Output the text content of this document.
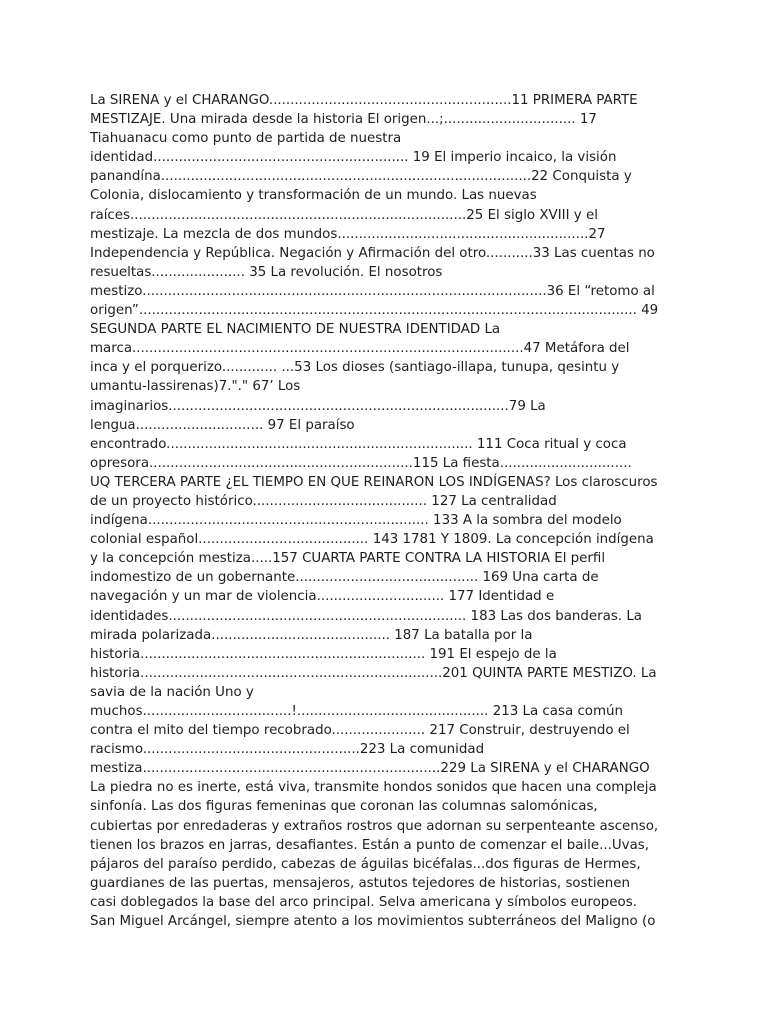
La SIRENA y el CHARANGO.........................................................11 PRIMERA PARTE
MESTIZAJE. Una mirada desde la historia El origen...;............................... 17
Tiahuanacu como punto de partida de nuestra
identidad............................................................ 19 El imperio incaico, la visión
panandína.......................................................................................22 Conquista y
Colonia, dislocamiento y transformación de un mundo. Las nuevas
raíces...............................................................................25 El siglo XVIII y el
mestizaje. La mezcla de dos mundos...........................................................27
Independencia y República. Negación y Afirmación del otro...........33 Las cuentas no
resueltas...................... 35 La revolución. El nosotros
mestizo...............................................................................................36 El “retomo al
origen”..................................................................................................................... 49
SEGUNDA PARTE EL NACIMIENTO DE NUESTRA IDENTIDAD La
marca............................................................................................47 Metáfora del
inca y el porquerizo............. ...53 Los dioses (santiago-illapa, tunupa, qesintu y
umantu-lassirenas)7."." 67’ Los
imaginarios................................................................................79 La
lengua.............................. 97 El paraíso
encontrado........................................................................ 111 Coca ritual y coca
opresora..............................................................115 La fiesta...............................
UQ TERCERA PARTE ¿EL TIEMPO EN QUE REINARON LOS INDÍGENAS? Los claroscuros
de un proyecto histórico......................................... 127 La centralidad
indígena.................................................................. 133 A la sombra del modelo
colonial español........................................ 143 1781 Y 1809. La concepción indígena
y la concepción mestiza.....157 CUARTA PARTE CONTRA LA HISTORIA El perfil
indomestizo de un gobernante........................................... 169 Una carta de
navegación y un mar de violencia.............................. 177 Identidad e
identidades...................................................................... 183 Las dos banderas. La
mirada polarizada.......................................... 187 La batalla por la
historia................................................................... 191 El espejo de la
historia.......................................................................201 QUINTA PARTE MESTIZO. La
savia de la nación Uno y
muchos...................................!............................................. 213 La casa común
contra el mito del tiempo recobrado...................... 217 Construir, destruyendo el
racismo...................................................223 La comunidad
mestiza......................................................................229 La SIRENA y el CHARANGO
La piedra no es inerte, está viva, transmite hondos sonidos que hacen una compleja
sinfonía. Las dos figuras femeninas que coronan las columnas salomónicas,
cubiertas por enredaderas y extraños rostros que adornan su serpenteante ascenso,
tienen los brazos en jarras, desafiantes. Están a punto de comenzar el baile...Uvas,
pájaros del paraíso perdido, cabezas de águilas bicéfalas...dos figuras de Hermes,
guardianes de las puertas, mensajeros, astutos tejedores de historias, sostienen
casi doblegados la base del arco principal. Selva americana y símbolos europeos.
San Miguel Arcángel, siempre atento a los movimientos subterráneos del Maligno (o
